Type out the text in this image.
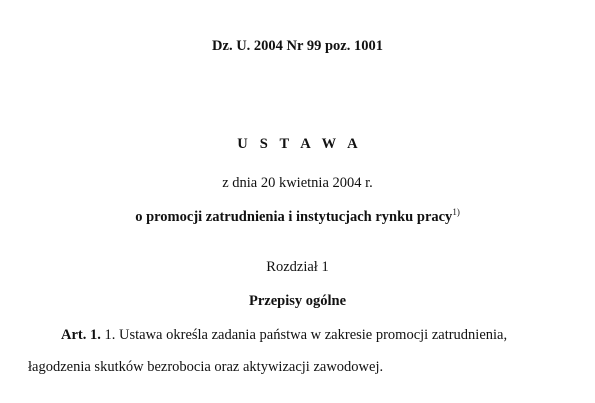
Dz. U. 2004 Nr 99 poz. 1001
U S T A W A
z dnia 20 kwietnia 2004 r.
o promocji zatrudnienia i instytucjach rynku pracy$^{1)}$
Rozdział 1
Przepisy ogólne
Art. 1. 1. Ustawa określa zadania państwa w zakresie promocji zatrudnienia,
łagodzenia skutków bezrobocia oraz aktywizacji zawodowej.
